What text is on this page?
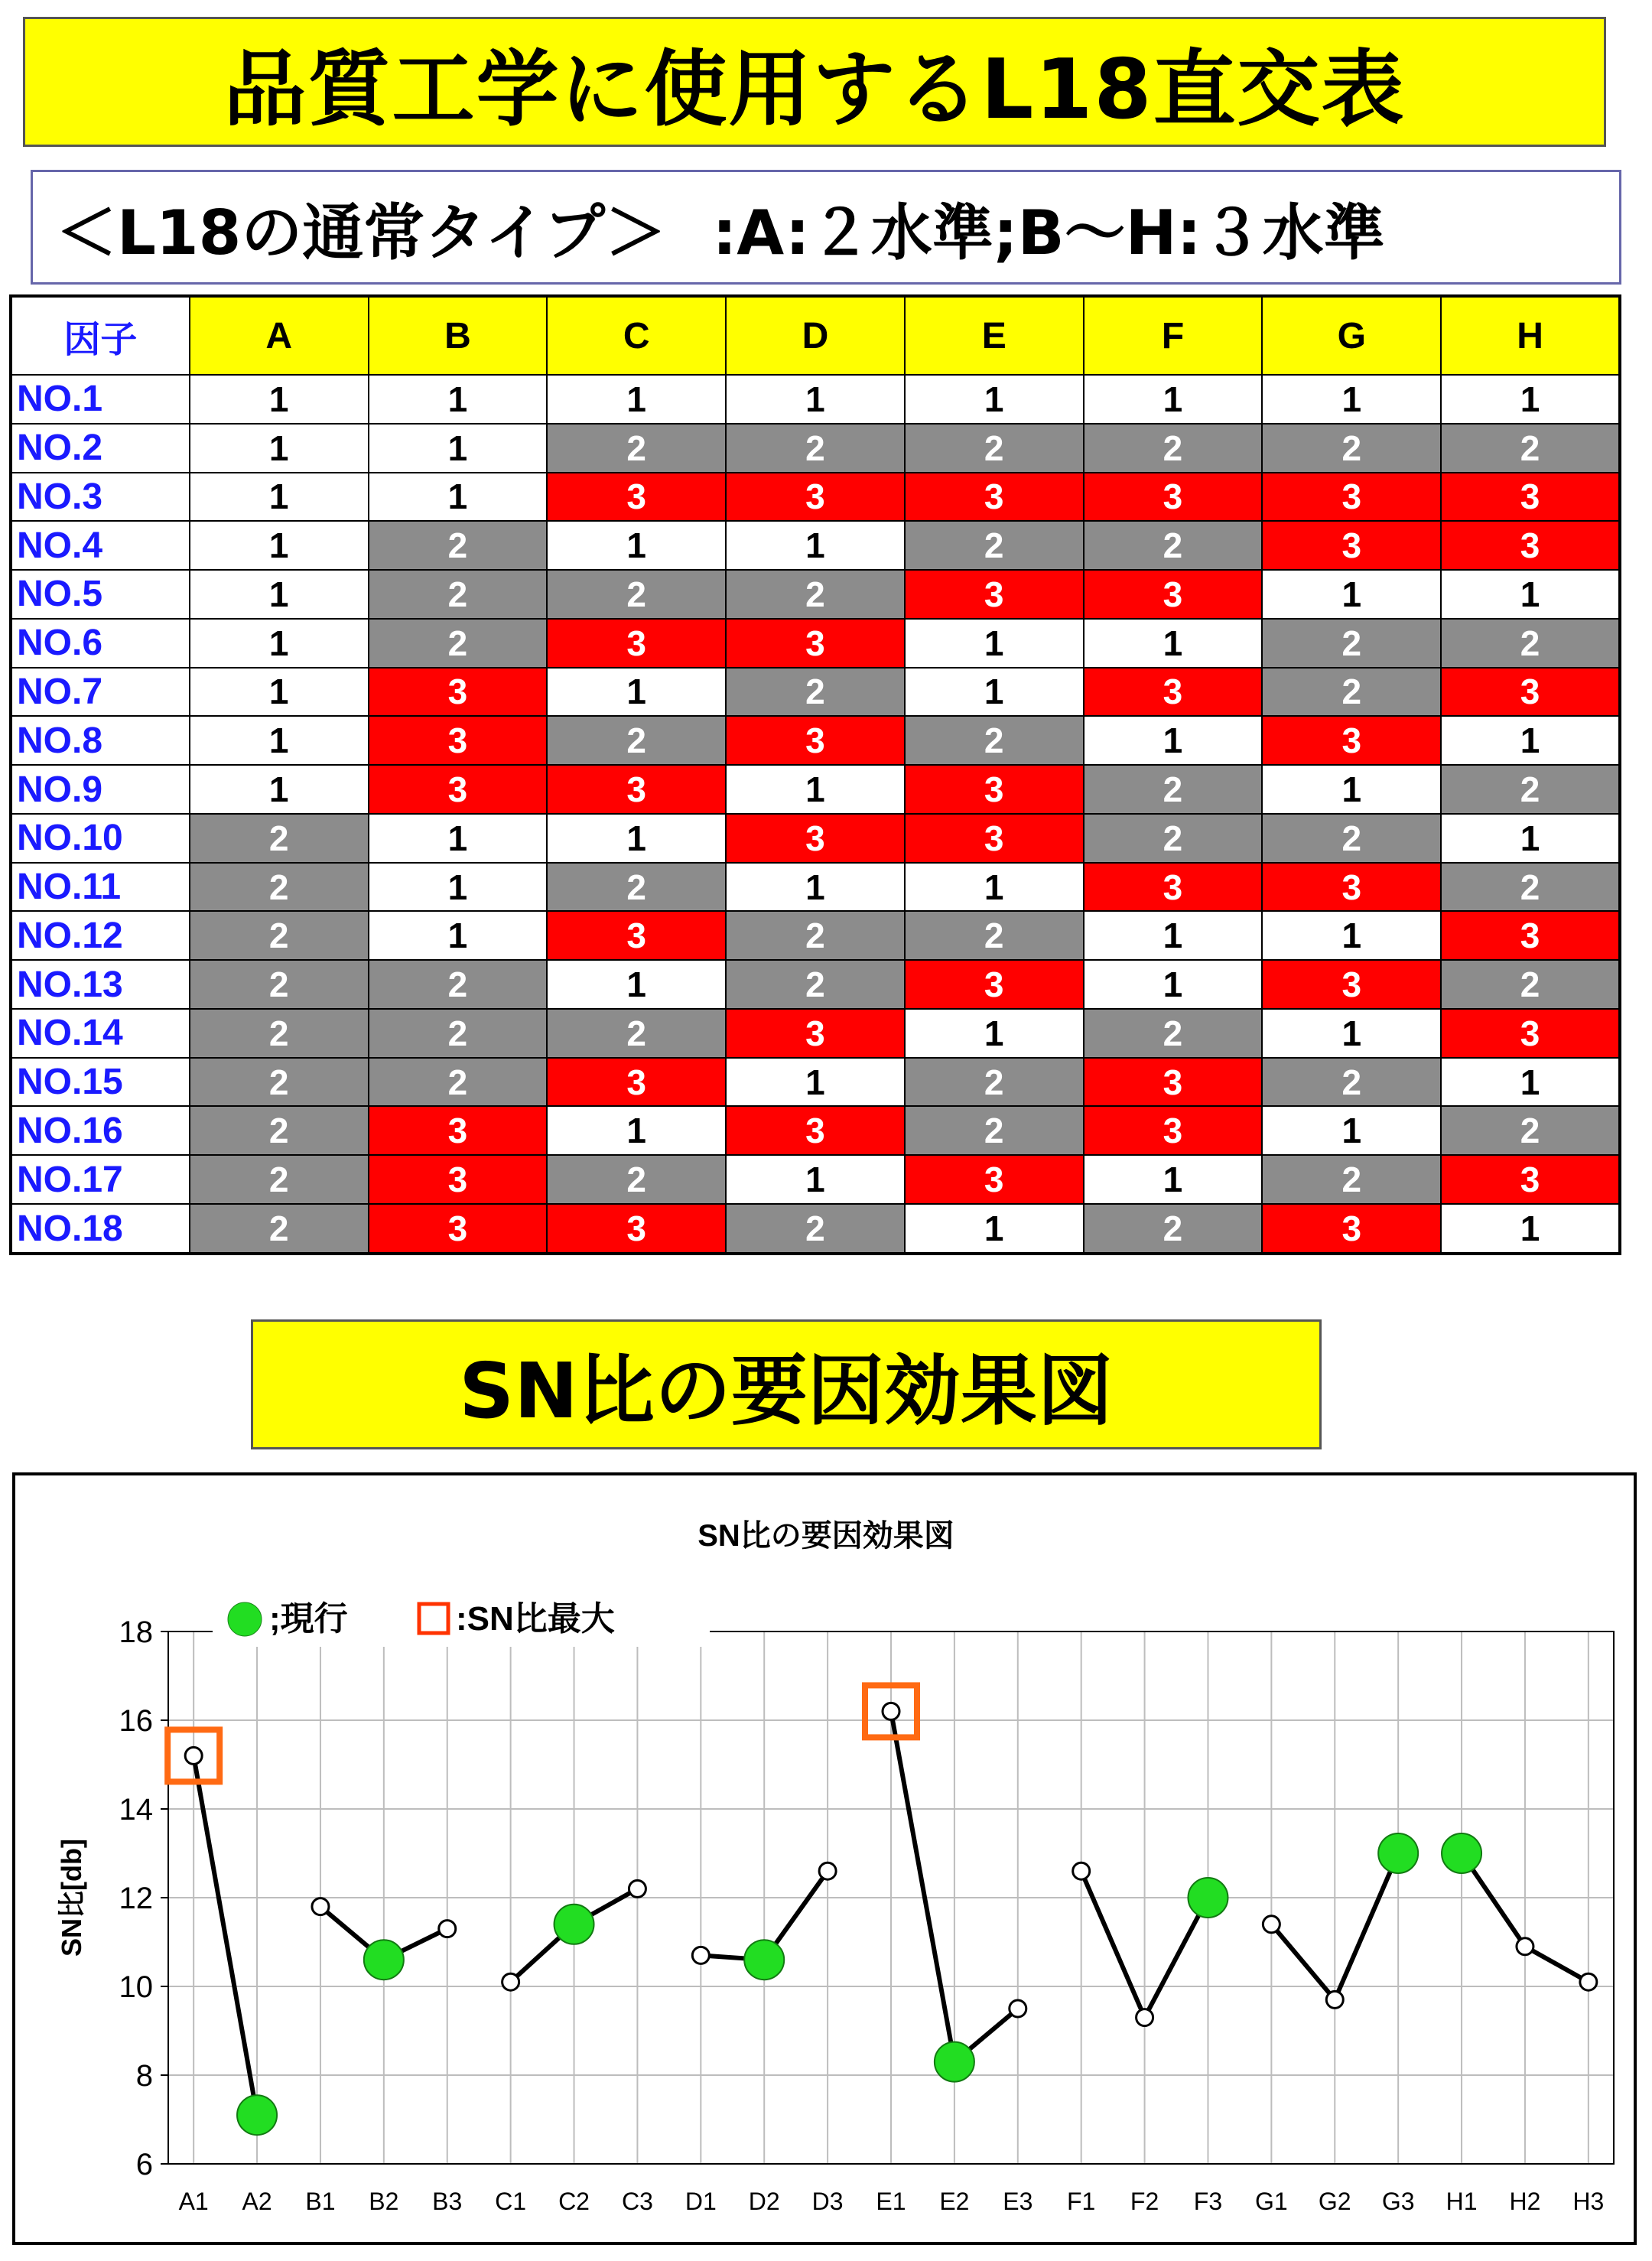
品質工学に使用するL18直交表
＜L18の通常タイプ＞ :A:２水準;B〜H:３水準
因子	A	B	C	D	E	F	G	H
NO.1	1	1	1	1	1	1	1	1
NO.2	1	1	2	2	2	2	2	2
NO.3	1	1	3	3	3	3	3	3
NO.4	1	2	1	1	2	2	3	3
NO.5	1	2	2	2	3	3	1	1
NO.6	1	2	3	3	1	1	2	2
NO.7	1	3	1	2	1	3	2	3
NO.8	1	3	2	3	2	1	3	1
NO.9	1	3	3	1	3	2	1	2
NO.10	2	1	1	3	3	2	2	1
NO.11	2	1	2	1	1	3	3	2
NO.12	2	1	3	2	2	1	1	3
NO.13	2	2	1	2	3	1	3	2
NO.14	2	2	2	3	1	2	1	3
NO.15	2	2	3	1	2	3	2	1
NO.16	2	3	1	3	2	3	1	2
NO.17	2	3	2	1	3	1	2	3
NO.18	2	3	3	2	1	2	3	1
SN比の要因効果図
6
8
10
12
14
16
18
A1 A2 B1 B2 B3 C1 C2 C3 D1 D2 D3 E1 E2 E3 F1 F2 F3 G1 G2 G3 H1 H2 H3
SN比の要因効果図
SN比[db]
;現行	:SN比最大
